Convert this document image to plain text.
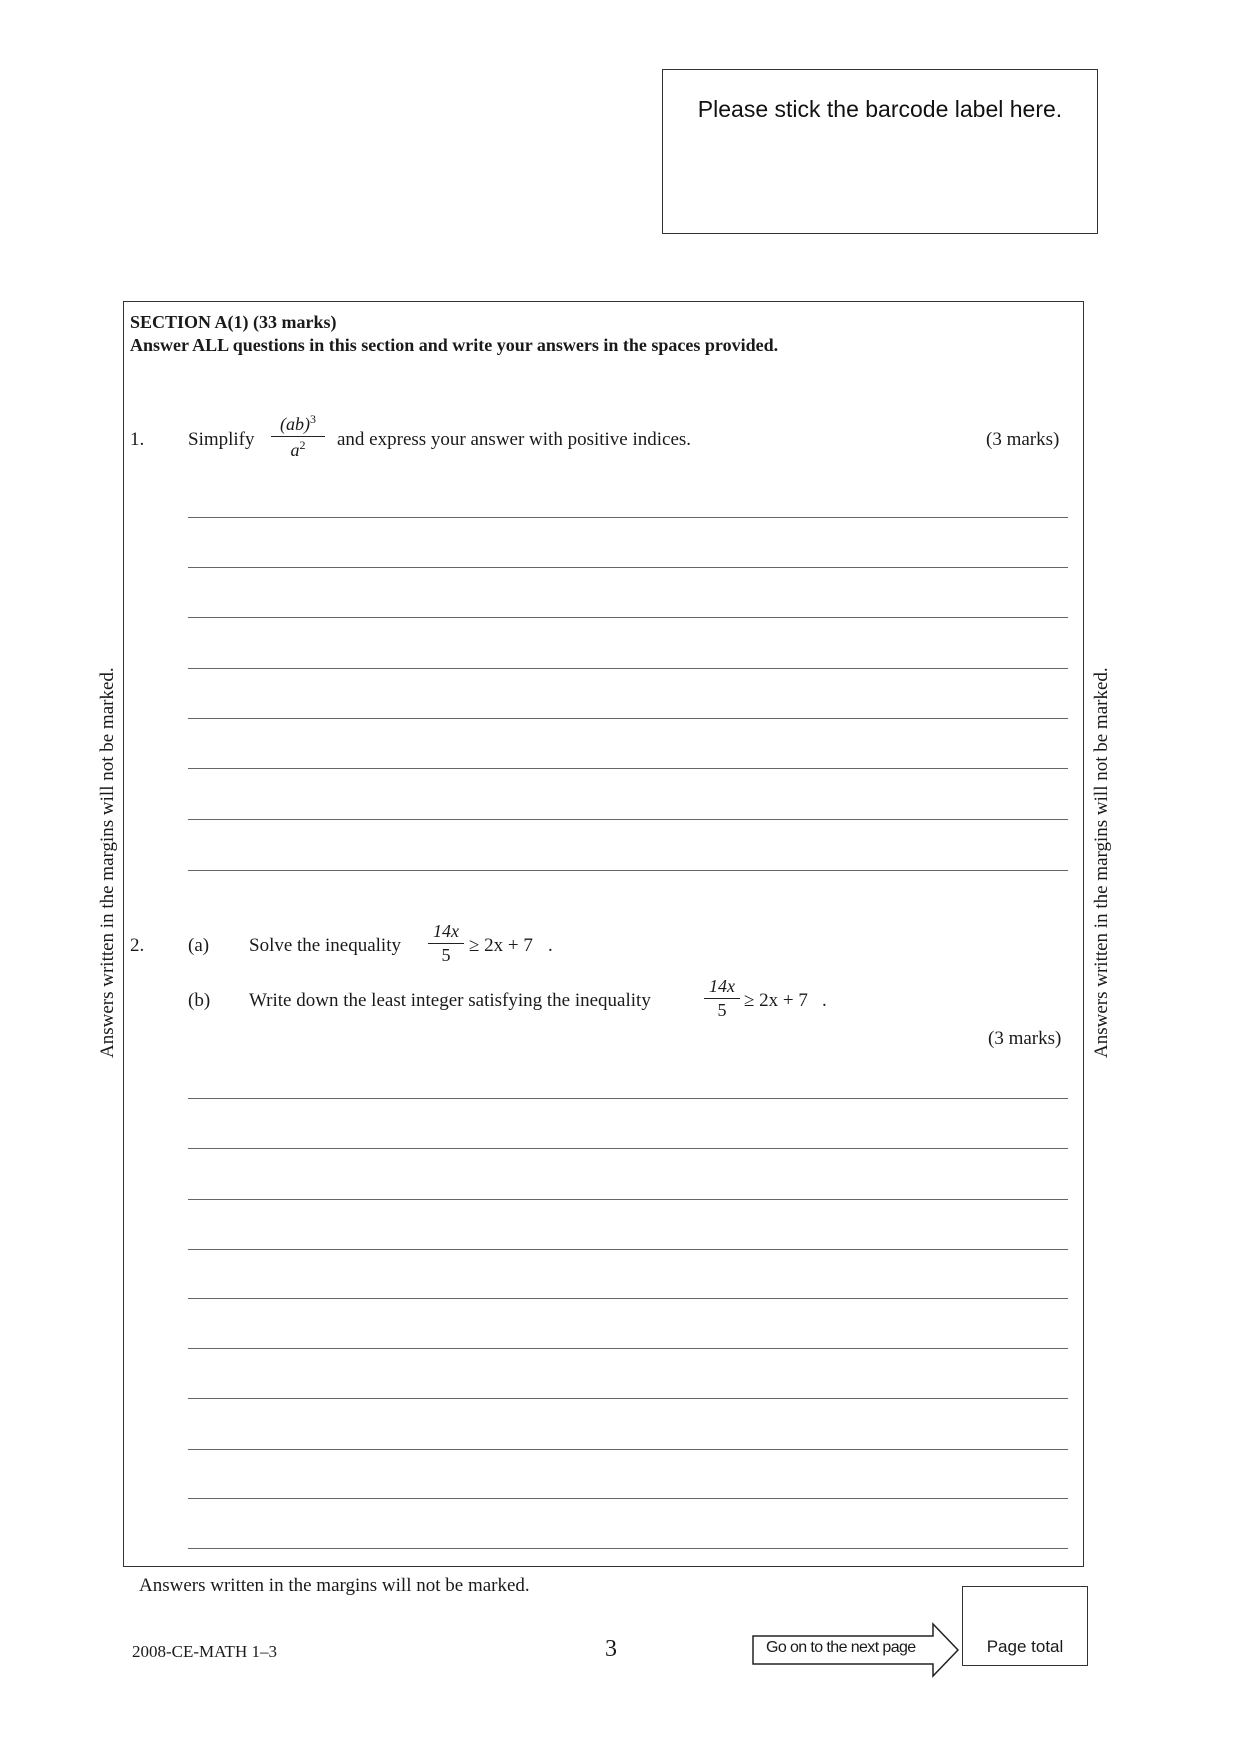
Please stick the barcode label here.
SECTION A(1) (33 marks)
Answer ALL questions in this section and write your answers in the spaces provided.
1. Simplify
(ab)$^3$
$a^2$	and express your answer with positive indices.	(3 marks)
2. (a) Solve the inequality
14x
5 ≥ 2x + 7 .
(b) Write down the least integer satisfying the inequality
14x
5 ≥ 2x + 7 .
(3 marks)
Answers written in the margins will not be marked.	Answers written in the margins will not be marked.
Answers written in the margins will not be marked.
2008-CE-MATH 1–3	3	Go on to the next page	Page total
